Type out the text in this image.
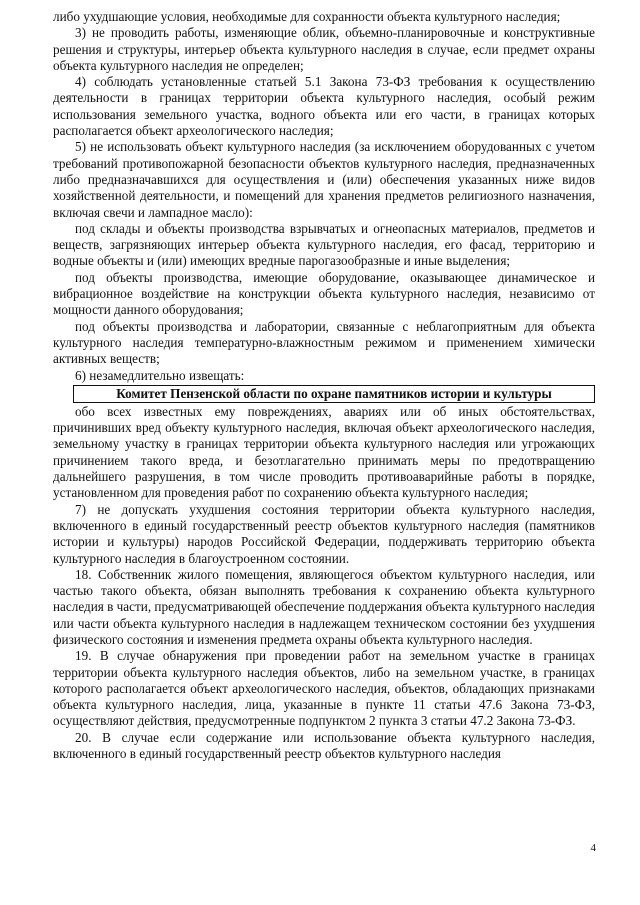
либо ухудшающие условия, необходимые для сохранности объекта культурного наследия;

3) не проводить работы, изменяющие облик, объемно-планировочные и конструктивные решения и структуры, интерьер объекта культурного наследия в случае, если предмет охраны объекта культурного наследия не определен;

4) соблюдать установленные статьей 5.1 Закона 73-ФЗ требования к осуществлению деятельности в границах территории объекта культурного наследия, особый режим использования земельного участка, водного объекта или его части, в границах которых располагается объект археологического наследия;

5) не использовать объект культурного наследия (за исключением оборудованных с учетом требований противопожарной безопасности объектов культурного наследия, предназначенных либо предназначавшихся для осуществления и (или) обеспечения указанных ниже видов хозяйственной деятельности, и помещений для хранения предметов религиозного назначения, включая свечи и лампадное масло):

под склады и объекты производства взрывчатых и огнеопасных материалов, предметов и веществ, загрязняющих интерьер объекта культурного наследия, его фасад, территорию и водные объекты и (или) имеющих вредные парогазообразные и иные выделения;

под объекты производства, имеющие оборудование, оказывающее динамическое и вибрационное воздействие на конструкции объекта культурного наследия, независимо от мощности данного оборудования;

под объекты производства и лаборатории, связанные с неблагоприятным для объекта культурного наследия температурно-влажностным режимом и применением химически активных веществ;

6) незамедлительно извещать:

Комитет Пензенской области по охране памятников истории и культуры

обо всех известных ему повреждениях, авариях или об иных обстоятельствах, причинивших вред объекту культурного наследия, включая объект археологического наследия, земельному участку в границах территории объекта культурного наследия или угрожающих причинением такого вреда, и безотлагательно принимать меры по предотвращению дальнейшего разрушения, в том числе проводить противоаварийные работы в порядке, установленном для проведения работ по сохранению объекта культурного наследия;

7) не допускать ухудшения состояния территории объекта культурного наследия, включенного в единый государственный реестр объектов культурного наследия (памятников истории и культуры) народов Российской Федерации, поддерживать территорию объекта культурного наследия в благоустроенном состоянии.

18. Собственник жилого помещения, являющегося объектом культурного наследия, или частью такого объекта, обязан выполнять требования к сохранению объекта культурного наследия в части, предусматривающей обеспечение поддержания объекта культурного наследия или части объекта культурного наследия в надлежащем техническом состоянии без ухудшения физического состояния и изменения предмета охраны объекта культурного наследия.

19. В случае обнаружения при проведении работ на земельном участке в границах территории объекта культурного наследия объектов, либо на земельном участке, в границах которого располагается объект археологического наследия, объектов, обладающих признаками объекта культурного наследия, лица, указанные в пункте 11 статьи 47.6 Закона 73-ФЗ, осуществляют действия, предусмотренные подпунктом 2 пункта 3 статьи 47.2 Закона 73-ФЗ.

20. В случае если содержание или использование объекта культурного наследия, включенного в единый государственный реестр объектов культурного наследия

4
